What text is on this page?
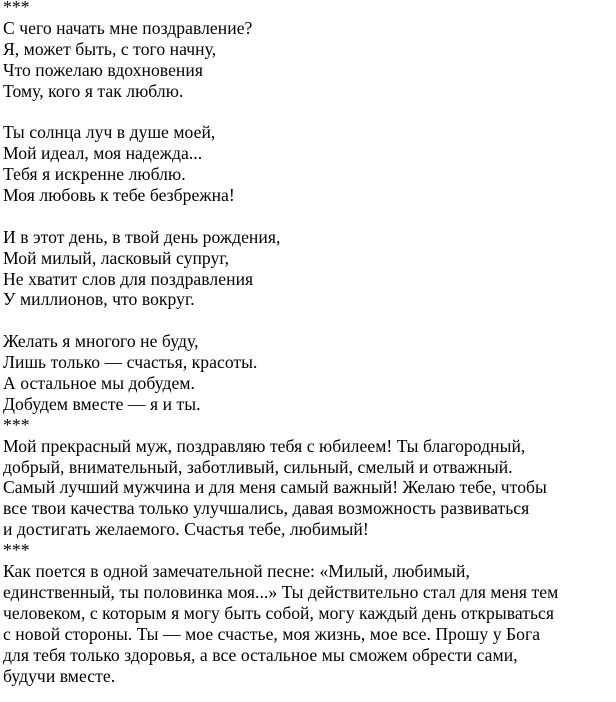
***
С чего начать мне поздравление?
Я, может быть, с того начну,
Что пожелаю вдохновения
Тому, кого я так люблю.
Ты солнца луч в душе моей,
Мой идеал, моя надежда...
Тебя я искренне люблю.
Моя любовь к тебе безбрежна!
И в этот день, в твой день рождения,
Мой милый, ласковый супруг,
Не хватит слов для поздравления
У миллионов, что вокруг.
Желать я многого не буду,
Лишь только — счастья, красоты.
А остальное мы добудем.
Добудем вместе — я и ты.
***
Мой прекрасный муж, поздравляю тебя с юбилеем! Ты благородный,
добрый, внимательный, заботливый, сильный, смелый и отважный.
Самый лучший мужчина и для меня самый важный! Желаю тебе, чтобы
все твои качества только улучшались, давая возможность развиваться
и достигать желаемого. Счастья тебе, любимый!
***
Как поется в одной замечательной песне: «Милый, любимый,
единственный, ты половинка моя...» Ты действительно стал для меня тем
человеком, с которым я могу быть собой, могу каждый день открываться
с новой стороны. Ты — мое счастье, моя жизнь, мое все. Прошу у Бога
для тебя только здоровья, а все остальное мы сможем обрести сами,
будучи вместе.
